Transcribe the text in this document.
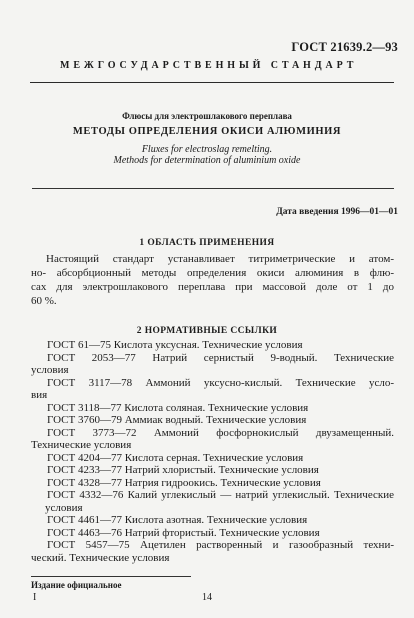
ГОСТ 21639.2—93
МЕЖГОСУДАРСТВЕННЫЙ СТАНДАРТ
Флюсы для электрошлакового переплава
МЕТОДЫ ОПРЕДЕЛЕНИЯ ОКИСИ АЛЮМИНИЯ
Fluxes for electroslag remelting.
Methods for determination of aluminium oxide
Дата введения 1996—01—01
1 ОБЛАСТЬ ПРИМЕНЕНИЯ
Настоящий стандарт устанавливает титриметрические и атом-
но- абсорбционный методы определения окиси алюминия в флю-
сах для электрошлакового переплава при массовой доле от 1 до
60 %.
2 НОРМАТИВНЫЕ ССЫЛКИ
ГОСТ 61—75 Кислота уксусная. Технические условия
ГОСТ 2053—77 Натрий сернистый 9-водный. Технические
условия
ГОСТ 3117—78 Аммоний уксусно-кислый. Технические усло-
вия
ГОСТ 3118—77 Кислота соляная. Технические условия
ГОСТ 3760—79 Аммиак водный. Технические условия
ГОСТ 3773—72 Аммоний фосфорнокислый двузамещенный.
Технические условия
ГОСТ 4204—77 Кислота серная. Технические условия
ГОСТ 4233—77 Натрий хлористый. Технические условия
ГОСТ 4328—77 Натрия гидроокись. Технические условия
ГОСТ 4332—76 Калий углекислый — натрий углекислый. Технические
условия
ГОСТ 4461—77 Кислота азотная. Технические условия
ГОСТ 4463—76 Натрий фтористый. Технические условия
ГОСТ 5457—75 Ацетилен растворенный и газообразный техни-
ческий. Технические условия
Издание официальное
I	14
